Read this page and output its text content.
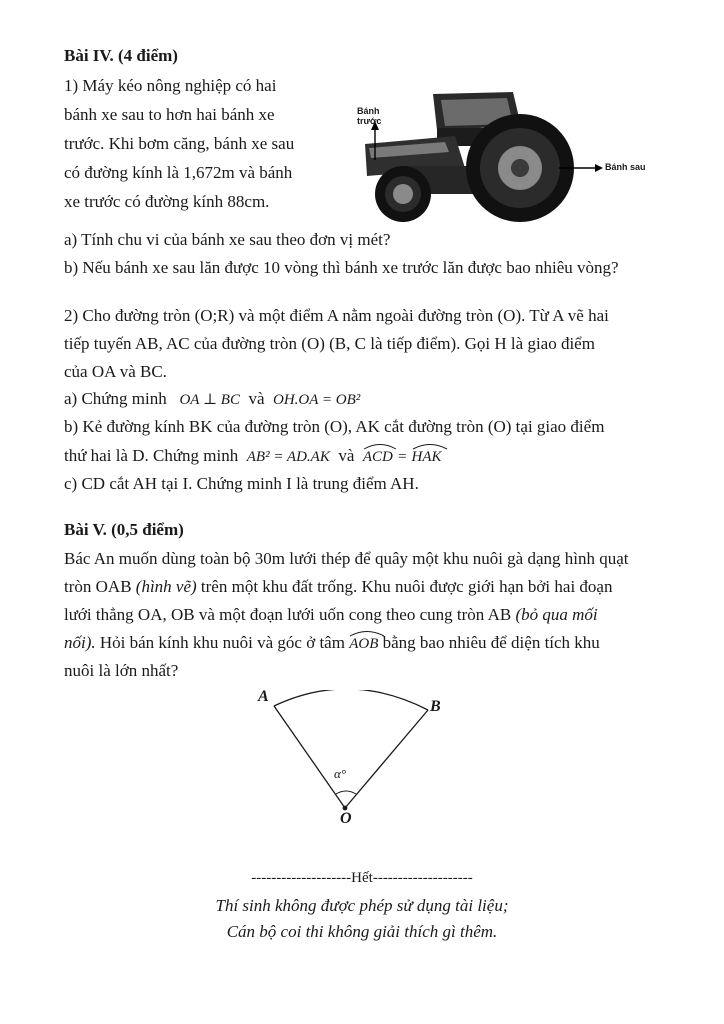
Bài IV. (4 điểm)
1) Máy kéo nông nghiệp có hai
bánh xe sau to hơn hai bánh xe
trước. Khi bơm căng, bánh xe sau
có đường kính là 1,672m và bánh
xe trước có đường kính 88cm.
Bánh
trước
Bánh sau
a) Tính chu vi của bánh xe sau theo đơn vị mét?
b) Nếu bánh xe sau lăn được 10 vòng thì bánh xe trước lăn được bao nhiêu vòng?
2) Cho đường tròn (O;R) và một điểm A nằm ngoài đường tròn (O). Từ A vẽ hai
tiếp tuyến AB, AC của đường tròn (O) (B, C là tiếp điểm). Gọi H là giao điểm
của OA và BC.
a) Chứng minh OA ⊥ BC và OH.OA = OB²
b) Kẻ đường kính BK của đường tròn (O), AK cắt đường tròn (O) tại giao điểm
thứ hai là D. Chứng minh AB² = AD.AK và ACD = HAK
c) CD cắt AH tại I. Chứng minh I là trung điểm AH.
Bài V. (0,5 điểm)
Bác An muốn dùng toàn bộ 30m lưới thép để quây một khu nuôi gà dạng hình quạt
tròn OAB (hình vẽ) trên một khu đất trống. Khu nuôi được giới hạn bởi hai đoạn
lưới thẳng OA, OB và một đoạn lưới uốn cong theo cung tròn AB (bỏ qua mối
nối). Hỏi bán kính khu nuôi và góc ở tâm AOB bằng bao nhiêu để diện tích khu
nuôi là lớn nhất?
A
B
O
α°
--------------------Hết--------------------
Thí sinh không được phép sử dụng tài liệu;
Cán bộ coi thi không giải thích gì thêm.
